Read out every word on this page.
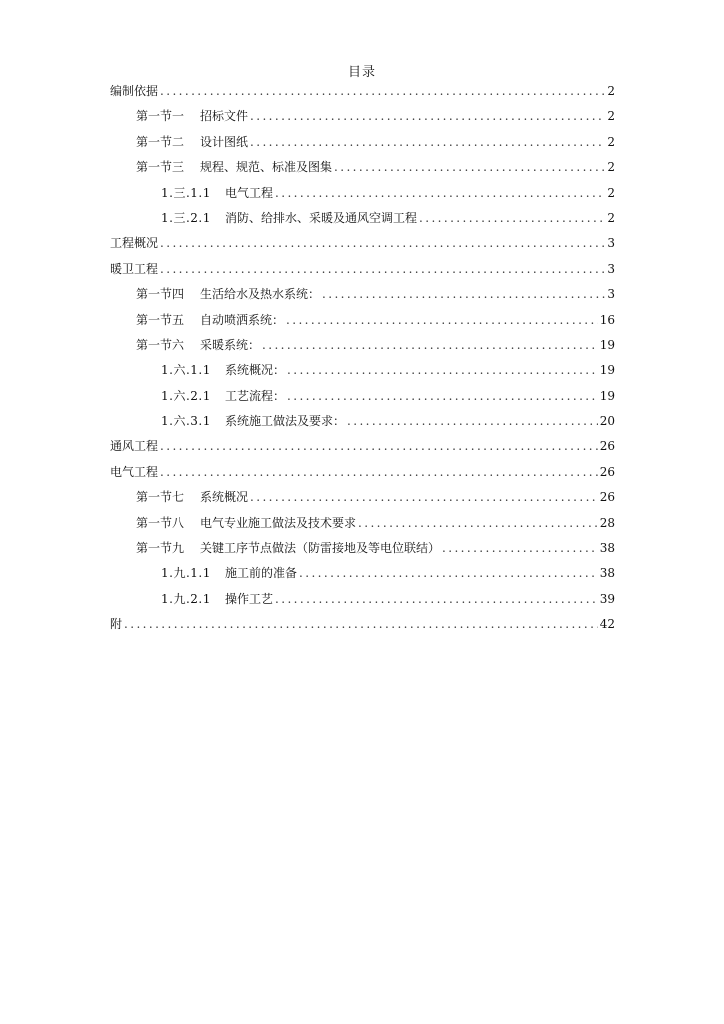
目录
编制依据 .....	2
第一节一	招标文件 .....	2
第一节二	设计图纸 .....	2
第一节三	规程、规范、标准及图集 .....	2
1.三.1.1	电气工程 .....	2
1.三.2.1	消防、给排水、采暖及通风空调工程 .....	2
工程概况 .....	3
暖卫工程 .....	3
第一节四	生活给水及热水系统： .....	3
第一节五	自动喷洒系统： .....	16
第一节六	采暖系统： .....	19
1.六.1.1	系统概况： .....	19
1.六.2.1	工艺流程： .....	19
1.六.3.1	系统施工做法及要求： .....	20
通风工程 .....	26
电气工程 .....	26
第一节七	系统概况 .....	26
第一节八	电气专业施工做法及技术要求 .....	28
第一节九	关键工序节点做法（防雷接地及等电位联结） .....	38
1.九.1.1	施工前的准备 .....	38
1.九.2.1	操作工艺 .....	39
附 .....	42
